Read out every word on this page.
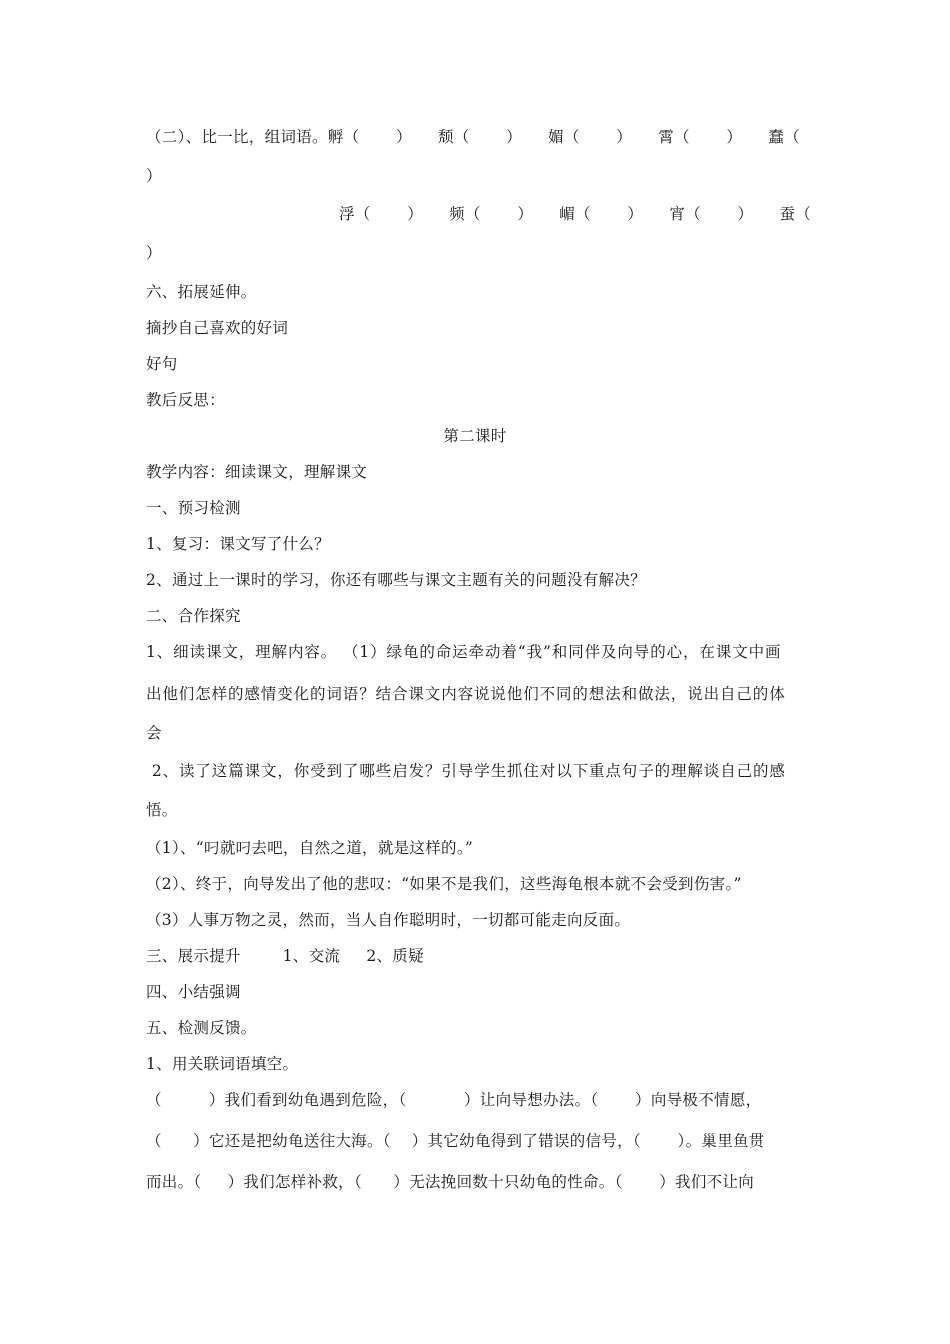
（二）、比一比，组词语。孵（       ）     颓（       ）     媚（       ）     霄（       ）     蠢（
）
浮（       ）     频（       ）     嵋（       ）     宵（       ）     蚕（
）
六、拓展延伸。
摘抄自己喜欢的好词
好句
教后反思：
第二课时
教学内容：细读课文，理解课文
一、预习检测
1、复习：课文写了什么？
2、通过上一课时的学习，你还有哪些与课文主题有关的问题没有解决？
二、合作探究
1、细读课文，理解内容。 （1）绿龟的命运牵动着“我”和同伴及向导的心，在课文中画
出他们怎样的感情变化的词语？结合课文内容说说他们不同的想法和做法，说出自己的体
会
2、读了这篇课文，你受到了哪些启发？引导学生抓住对以下重点句子的理解谈自己的感
悟。
（1）、“叼就叼去吧，自然之道，就是这样的。”
（2）、终于，向导发出了他的悲叹：“如果不是我们，这些海龟根本就不会受到伤害。”
（3）人事万物之灵，然而，当人自作聪明时，一切都可能走向反面。
三、展示提升        1、交流     2、质疑
四、小结强调
五、检测反馈。
1、用关联词语填空。
（         ）我们看到幼龟遇到危险，（           ）让向导想办法。（       ）向导极不情愿，
（      ）它还是把幼龟送往大海。（    ）其它幼龟得到了错误的信号，（       ）。巢里鱼贯
而出。（     ）我们怎样补救，（      ）无法挽回数十只幼龟的性命。（       ）我们不让向
